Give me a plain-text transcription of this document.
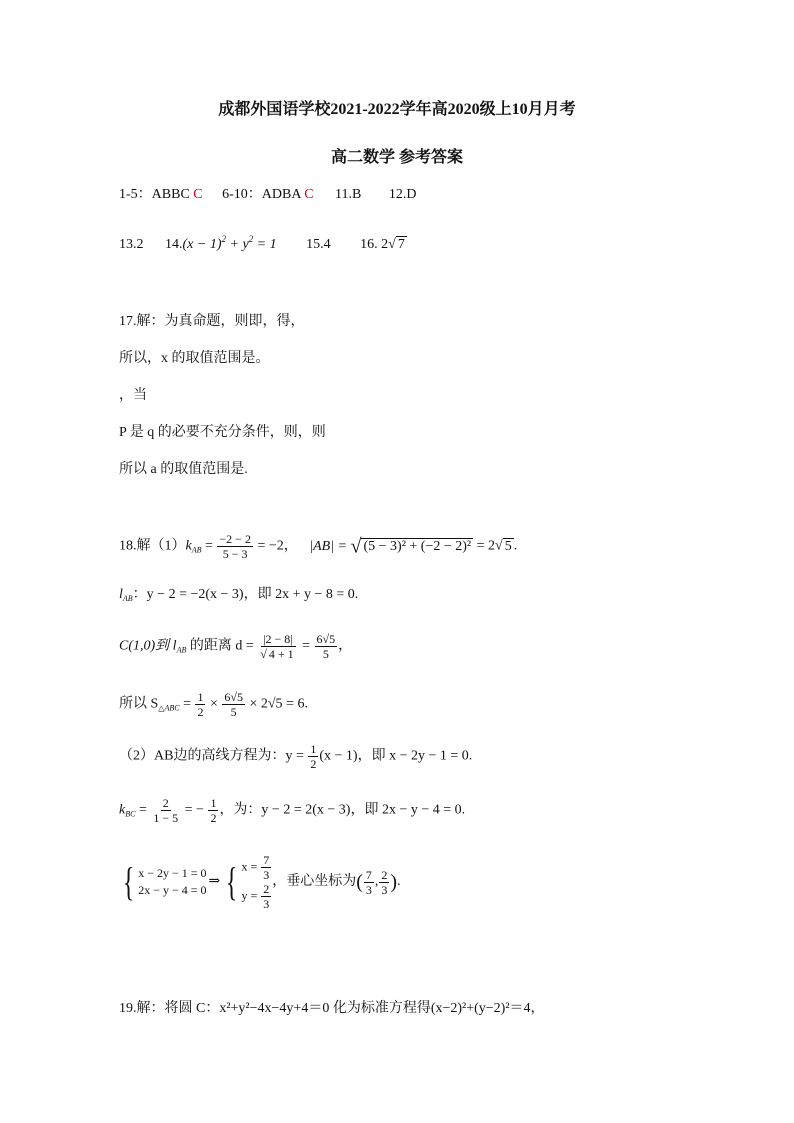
成都外国语学校2021-2022学年高2020级上10月月考
高二数学 参考答案
1-5：ABBC C 6-10：ADBA C 11.B 12.D
13.2 $14.(x - 1)^2 + y^2 = 1$ 15.4 16. 2√ 7
17.解：为真命题，则即，得，
所以，x 的取值范围是。
，当
P 是 q 的必要不充分条件，则，则
所以 a 的取值范围是.
18.解$(1)k_{AB} = \frac{-2 - 2}{5 - 3} = -2$， |AB| = √ (5 − 3)² + (−2 − 2)² = 2√ 5 .
$l_{AB}$：y − 2 = −2(x − 3)，即 2x + y − 8 = 0.
C(1,0)到 $l_{AB}$ 的距离 $d = \frac{|2 - 8|}{√ 4 + 1} = \frac{6√5}{5}$ ，
所以 $S_{\triangle ABC} = \frac{1}{2} \times \frac{6√5}{5} \times 2√5 = 6$.
（2）AB边的高线方程为：$y = \frac{1}{2} (x - 1)$，即 x − 2y − 1 = 0.
$k_{BC} = \frac{2}{1 - 5}$ = − $\frac{1}{2}$ ，为：y − 2 = 2(x − 3)，即 2x − y − 4 = 0.
{ x − 2y − 1 = 0
2x − y − 4 = 0
⇒ { $x = \frac{7}{3}$
$y = \frac{2}{3}$
，垂心坐标为 ( $\frac{7}{3}$ , $\frac{2}{3}$ ) .
19.解：将圆 C：x²+y²−4x−4y+4＝0 化为标准方程得(x−2)²+(y−2)²＝4，
